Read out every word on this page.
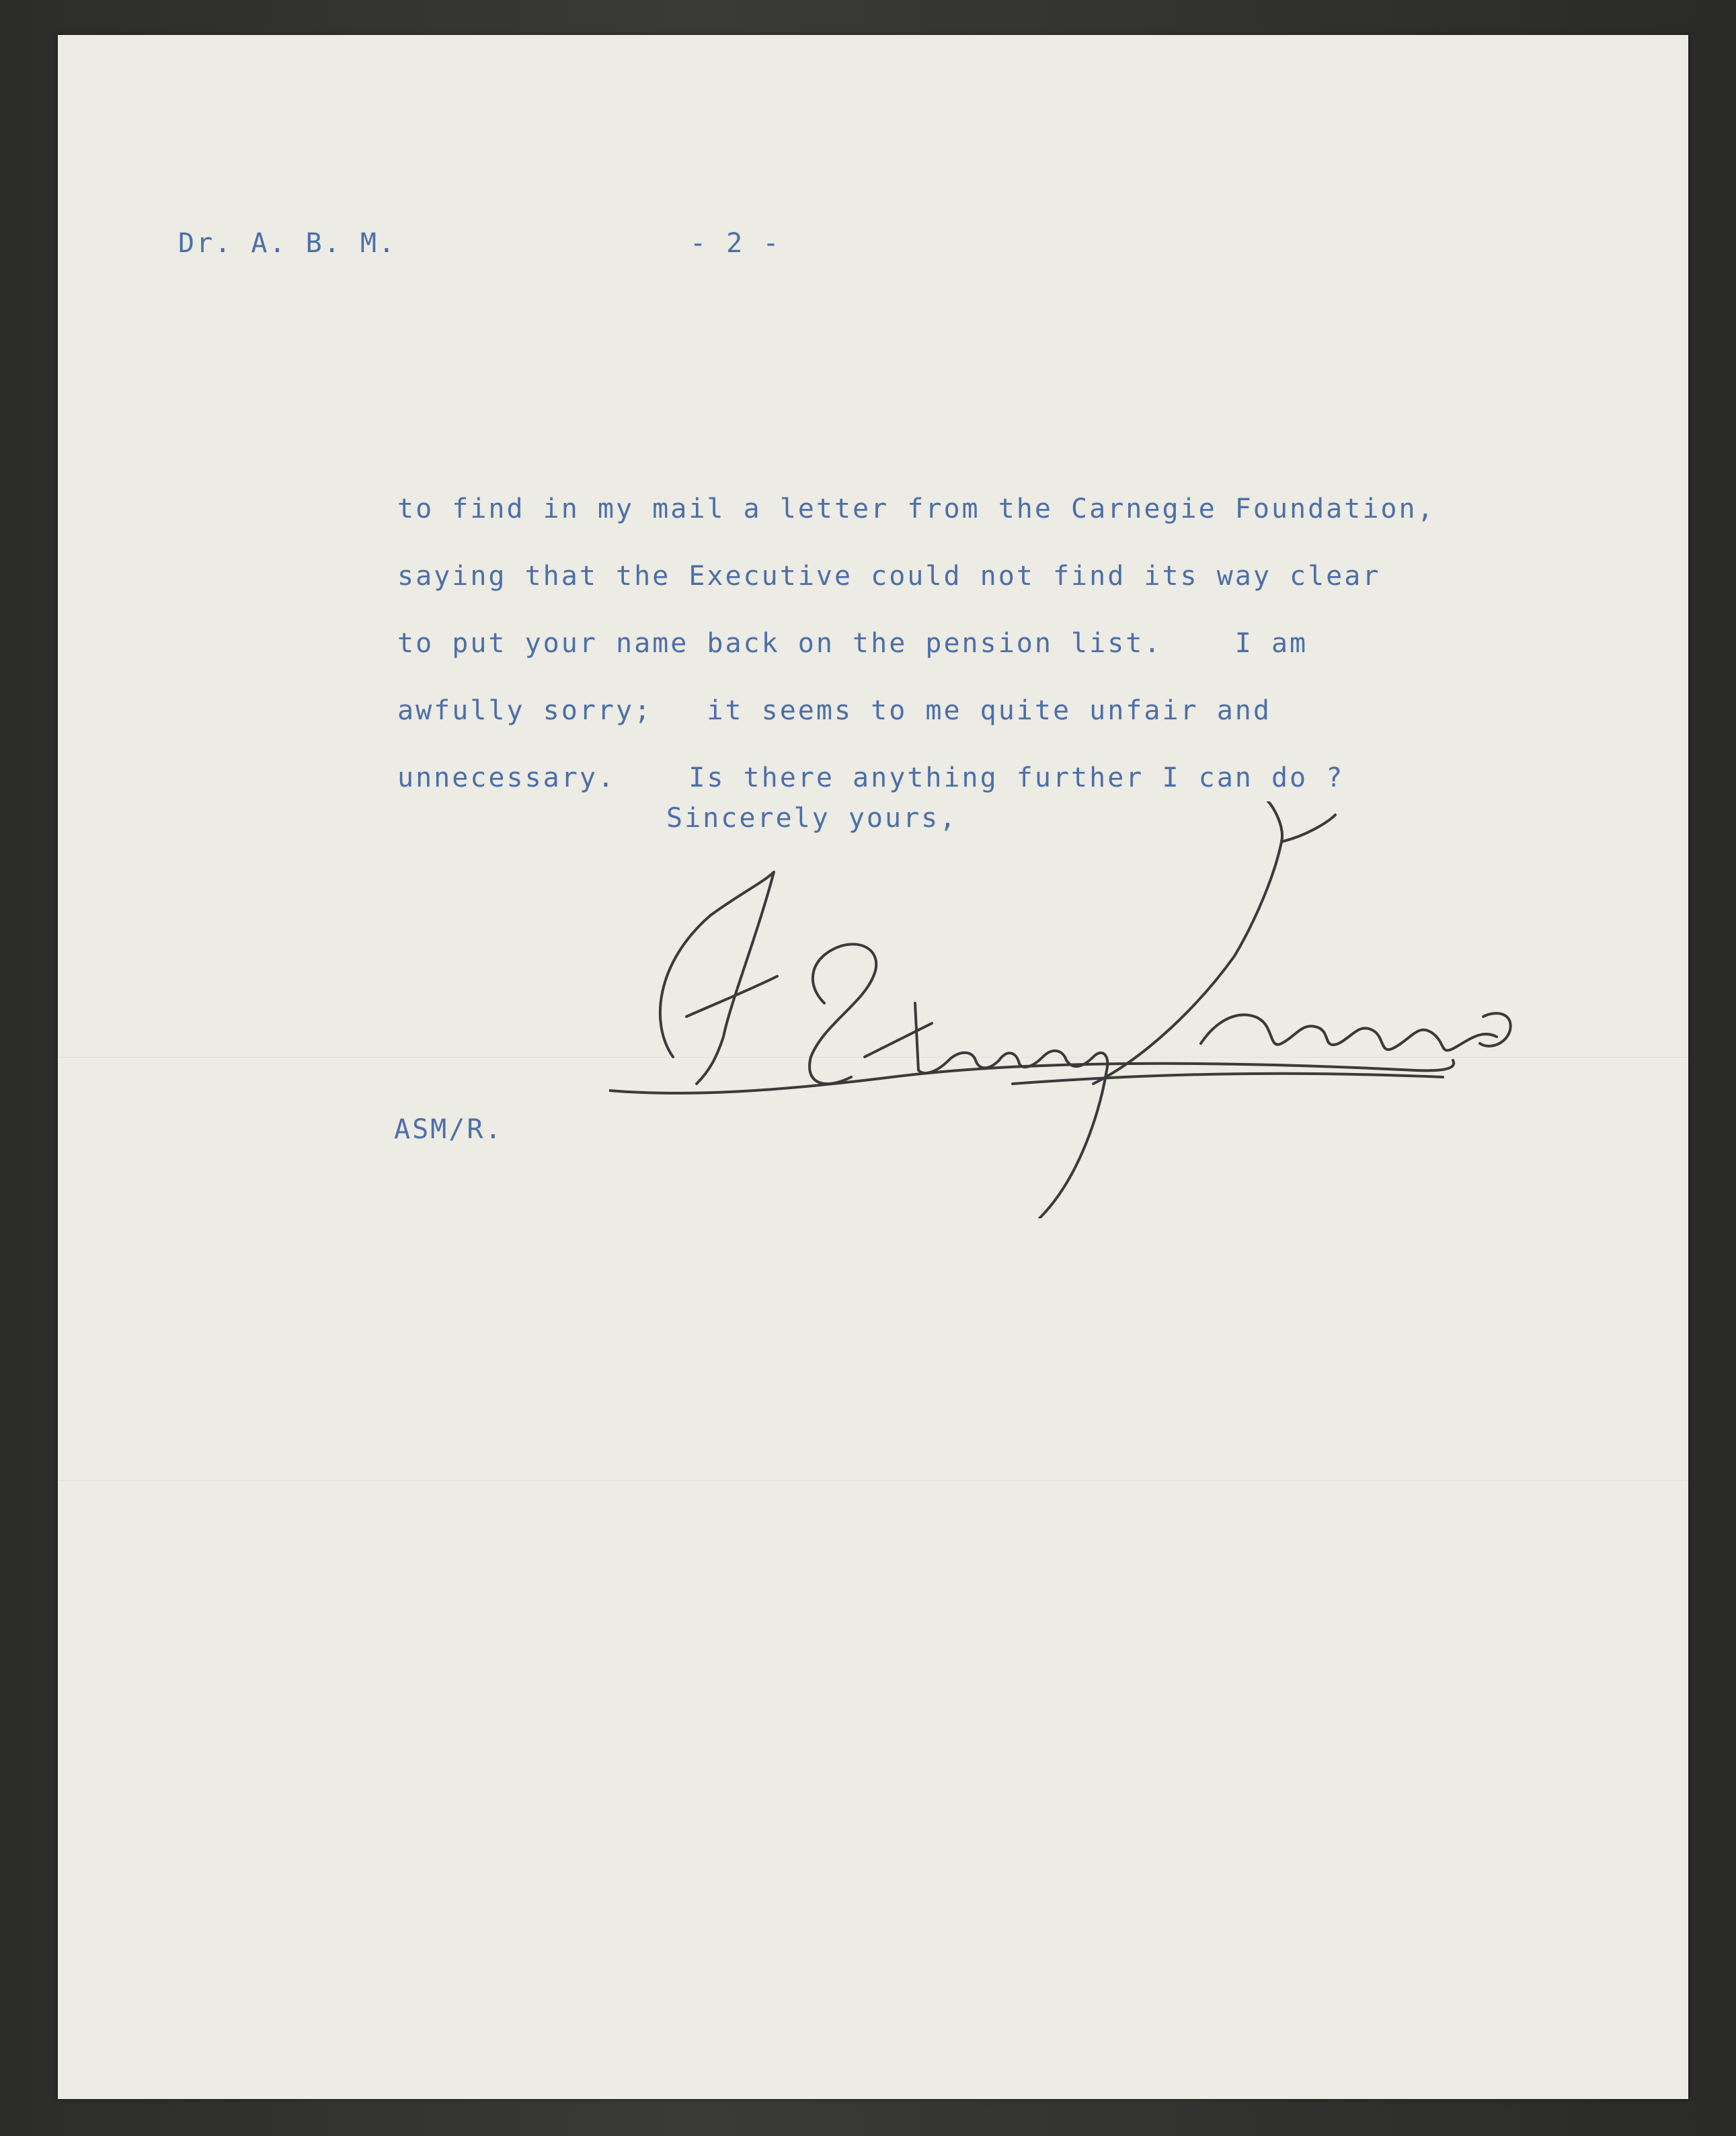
Dr. A. B. M.	- 2 -
to find in my mail a letter from the Carnegie Foundation,
saying that the Executive could not find its way clear
to put your name back on the pension list.    I am
awfully sorry;   it seems to me quite unfair and
unnecessary.    Is there anything further I can do ?
Sincerely yours,
ASM/R.
